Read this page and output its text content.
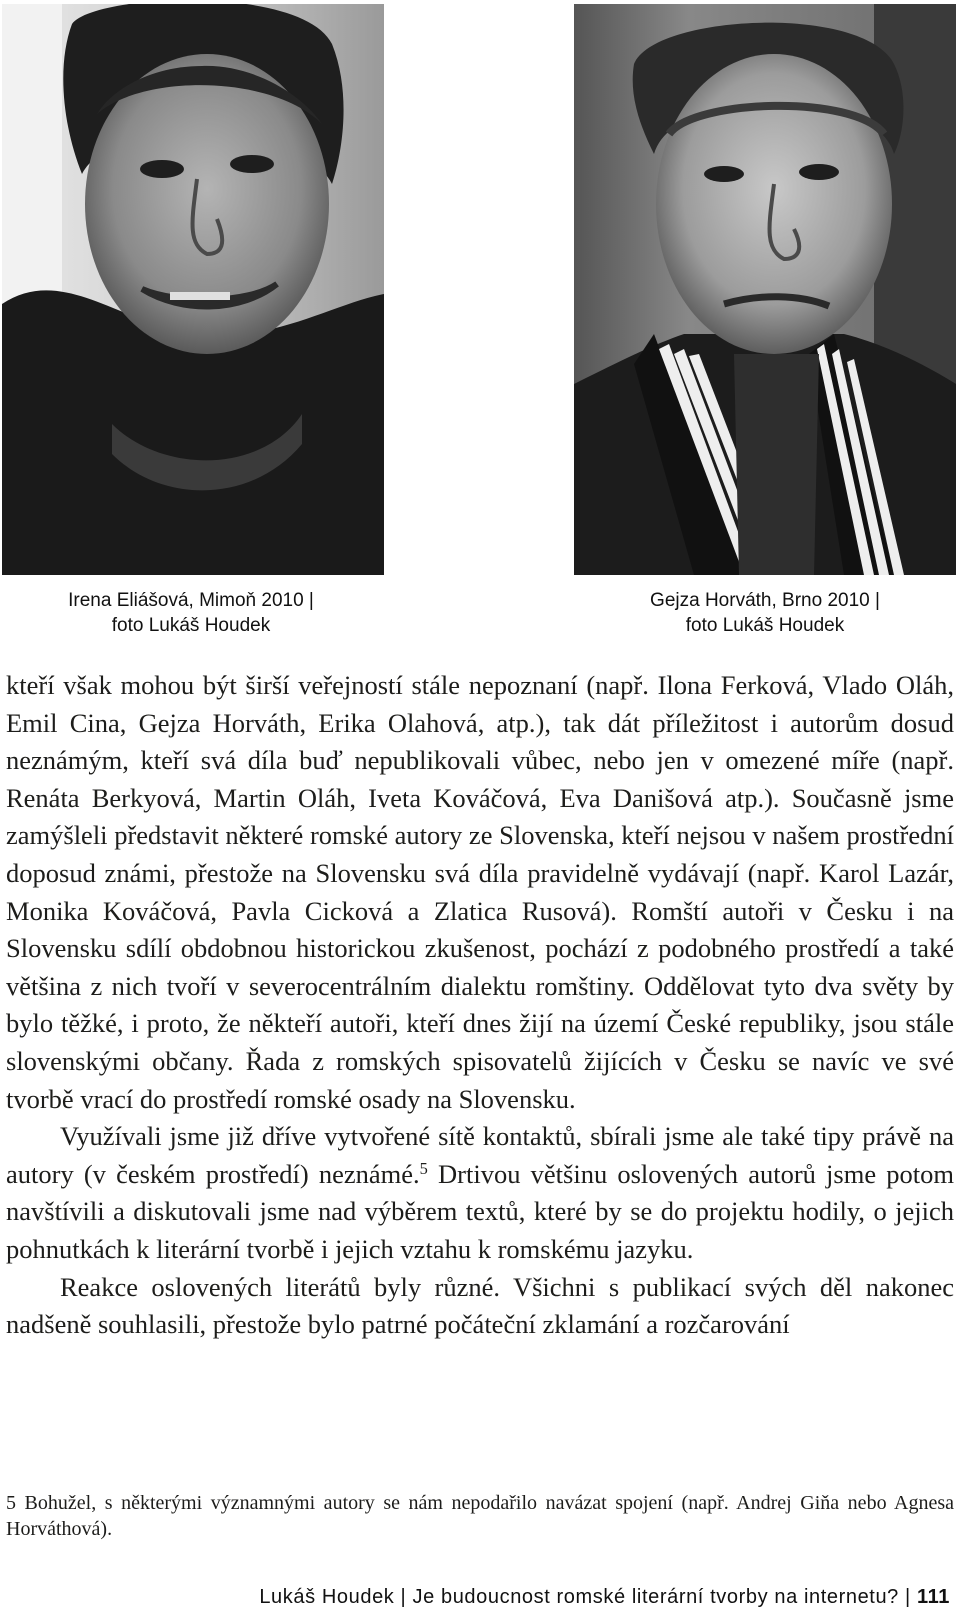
Irena Eliášová, Mimoň 2010 |
foto Lukáš Houdek
Gejza Horváth, Brno 2010 |
foto Lukáš Houdek

kteří však mohou být širší veřejností stále nepoznaní (např. Ilona Ferková, Vlado Oláh, Emil Cina, Gejza Horváth, Erika Olahová, atp.), tak dát příležitost i autorům dosud neznámým, kteří svá díla buď nepublikovali vůbec, nebo jen v omezené míře (např. Renáta Berkyová, Martin Oláh, Iveta Kováčová, Eva Danišová atp.). Současně jsme zamýšleli představit některé romské autory ze Slovenska, kteří nejsou v našem prostřední doposud známi, přestože na Slovensku svá díla pravidelně vydávají (např. Karol Lazár, Monika Kováčová, Pavla Cicková a Zlatica Rusová). Romští autoři v Česku i na Slovensku sdílí obdobnou historickou zkušenost, pochází z podobného prostředí a také většina z nich tvoří v severocentrálním dialektu romštiny. Oddělovat tyto dva světy by bylo těžké, i proto, že někteří autoři, kteří dnes žijí na území České republiky, jsou stále slovenskými občany. Řada z romských spisovatelů žijících v Česku se navíc ve své tvorbě vrací do prostředí romské osady na Slovensku.

Využívali jsme již dříve vytvořené sítě kontaktů, sbírali jsme ale také tipy právě na autory (v českém prostředí) neznámé.$^5$ Drtivou většinu oslovených autorů jsme potom navštívili a diskutovali jsme nad výběrem textů, které by se do projektu hodily, o jejich pohnutkách k literární tvorbě i jejich vztahu k romskému jazyku.

Reakce oslovených literátů byly různé. Všichni s publikací svých děl nakonec nadšeně souhlasili, přestože bylo patrné počáteční zklamání a rozčarování

5 Bohužel, s některými významnými autory se nám nepodařilo navázat spojení (např. Andrej Giňa nebo Agnesa Horváthová).
Lukáš Houdek | Je budoucnost romské literární tvorby na internetu? | 111
